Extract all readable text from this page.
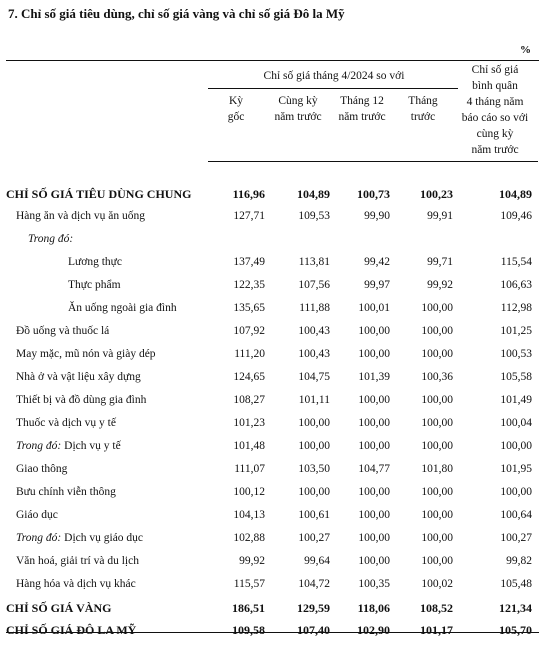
7. Chỉ số giá tiêu dùng, chỉ số giá vàng và chỉ số giá Đô la Mỹ
%
Chỉ số giá tháng 4/2024 so với
Kỳ
gốc
Cùng kỳ
năm trước
Tháng 12
năm trước
Tháng
trước
Chỉ số giá
bình quân
4 tháng năm
báo cáo so với
cùng kỳ
năm trước
CHỈ SỐ GIÁ TIÊU DÙNG CHUNG	116,96	104,89	100,73	100,23	104,89
Hàng ăn và dịch vụ ăn uống	127,71	109,53	99,90	99,91	109,46
Trong đó:
Lương thực	137,49	113,81	99,42	99,71	115,54
Thực phẩm	122,35	107,56	99,97	99,92	106,63
Ăn uống ngoài gia đình	135,65	111,88	100,01	100,00	112,98
Đồ uống và thuốc lá	107,92	100,43	100,00	100,00	101,25
May mặc, mũ nón và giày dép	111,20	100,43	100,00	100,00	100,53
Nhà ở và vật liệu xây dựng	124,65	104,75	101,39	100,36	105,58
Thiết bị và đồ dùng gia đình	108,27	101,11	100,00	100,00	101,49
Thuốc và dịch vụ y tế	101,23	100,00	100,00	100,00	100,04
Trong đó: Dịch vụ y tế	101,48	100,00	100,00	100,00	100,00
Giao thông	111,07	103,50	104,77	101,80	101,95
Bưu chính viễn thông	100,12	100,00	100,00	100,00	100,00
Giáo dục	104,13	100,61	100,00	100,00	100,64
Trong đó: Dịch vụ giáo dục	102,88	100,27	100,00	100,00	100,27
Văn hoá, giải trí và du lịch	99,92	99,64	100,00	100,00	99,82
Hàng hóa và dịch vụ khác	115,57	104,72	100,35	100,02	105,48
CHỈ SỐ GIÁ VÀNG	186,51	129,59	118,06	108,52	121,34
CHỈ SỐ GIÁ ĐÔ LA MỸ	109,58	107,40	102,90	101,17	105,70
